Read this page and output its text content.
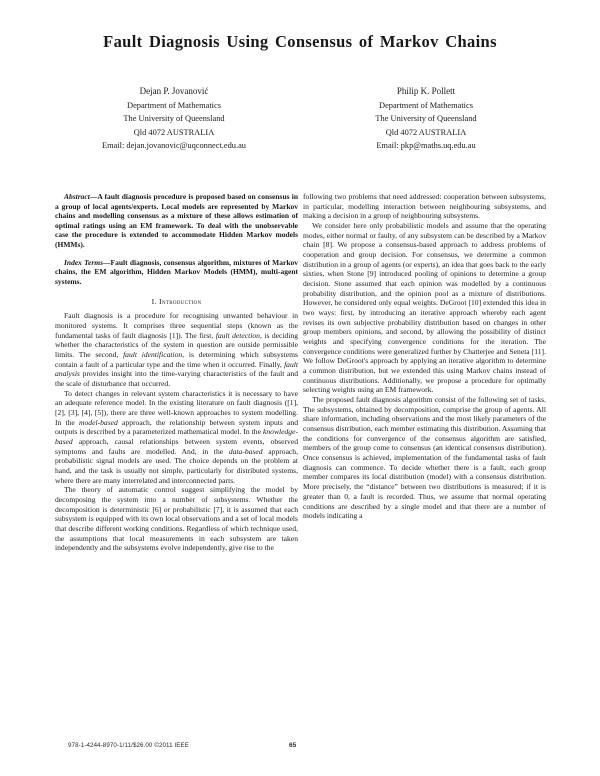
Fault Diagnosis Using Consensus of Markov Chains
Dejan P. Jovanović
Department of Mathematics
The University of Queensland
Qld 4072 AUSTRALIA
Email: dejan.jovanovic@uqconnect.edu.au
Philip K. Pollett
Department of Mathematics
The University of Queensland
Qld 4072 AUSTRALIA
Email: pkp@maths.uq.edu.au

Abstract—A fault diagnosis procedure is proposed based on consensus in a group of local agents/experts. Local models are represented by Markov chains and modelling consensus as a mixture of these allows estimation of optimal ratings using an EM framework. To deal with the unobservable case the procedure is extended to accommodate Hidden Markov models (HMMs).

Index Terms—Fault diagnosis, consensus algorithm, mixtures of Markov chains, the EM algorithm, Hidden Markov Models (HMM), multi-agent systems.

I. Introduction

Fault diagnosis is a procedure for recognising unwanted behaviour in monitored systems. It comprises three sequential steps (known as the fundamental tasks of fault diagnosis [1]). The first, fault detection, is deciding whether the characteristics of the system in question are outside permissible limits. The second, fault identification, is determining which subsystems contain a fault of a particular type and the time when it occurred. Finally, fault analysis provides insight into the time-varying characteristics of the fault and the scale of disturbance that occurred.

To detect changes in relevant system characteristics it is necessary to have an adequate reference model. In the existing literature on fault diagnosis ([1], [2], [3], [4], [5]), there are three well-known approaches to system modelling. In the model-based approach, the relationship between system inputs and outputs is described by a parameterized mathematical model. In the knowledge-based approach, causal relationships between system events, observed symptoms and faults are modelled. And, in the data-based approach, probabilistic signal models are used. The choice depends on the problem at hand, and the task is usually not simple, particularly for distributed systems, where there are many interrelated and interconnected parts.

The theory of automatic control suggest simplifying the model by decomposing the system into a number of subsystems. Whether the decomposition is deterministic [6] or probabilistic [7], it is assumed that each subsystem is equipped with its own local observations and a set of local models that describe different working conditions. Regardless of which technique used, the assumptions that local measurements in each subsystem are taken independently and the subsystems evolve independently, give rise to the

following two problems that need addressed: cooperation between subsystems, in particular, modelling interaction between neighbouring subsystems, and making a decision in a group of neighbouring subsystems.

We consider here only probabilistic models and assume that the operating modes, either normal or faulty, of any subsystem can be described by a Markov chain [8]. We propose a consensus-based approach to address problems of cooperation and group decision. For consensus, we determine a common distribution in a group of agents (or experts), an idea that goes back to the early sixties, when Stone [9] introduced pooling of opinions to determine a group decision. Stone assumed that each opinion was modelled by a continuous probability distribution, and the opinion pool as a mixture of distributions. However, he considered only equal weights. DeGroot [10] extended this idea in two ways: first, by introducing an iterative approach whereby each agent revises its own subjective probability distribution based on changes in other group members opinions, and second, by allowing the possibility of distinct weights and specifying convergence conditions for the iteration. The convergence conditions were generalized further by Chatterjee and Seneta [11]. We follow DeGroot's approach by applying an iterative algorithm to determine a common distribution, but we extended this using Markov chains instead of continuous distributions. Additionally, we propose a procedure for optimally selecting weights using an EM framework.

The proposed fault diagnosis algorithm consist of the following set of tasks. The subsystems, obtained by decomposition, comprise the group of agents. All share information, including observations and the most likely parameters of the consensus distribution, each member estimating this distribution. Assuming that the conditions for convergence of the consensus algorithm are satisfied, members of the group come to consensus (an identical consensus distribution). Once consensus is achieved, implementation of the fundamental tasks of fault diagnosis can commence. To decide whether there is a fault, each group member compares its local distribution (model) with a consensus distribution. More precisely, the “distance” between two distributions is measured; if it is greater than 0, a fault is recorded. Thus, we assume that normal operating conditions are described by a single model and that there are a number of models indicating a

978-1-4244-8970-1/11/$26.00 ©2011 IEEE	65
